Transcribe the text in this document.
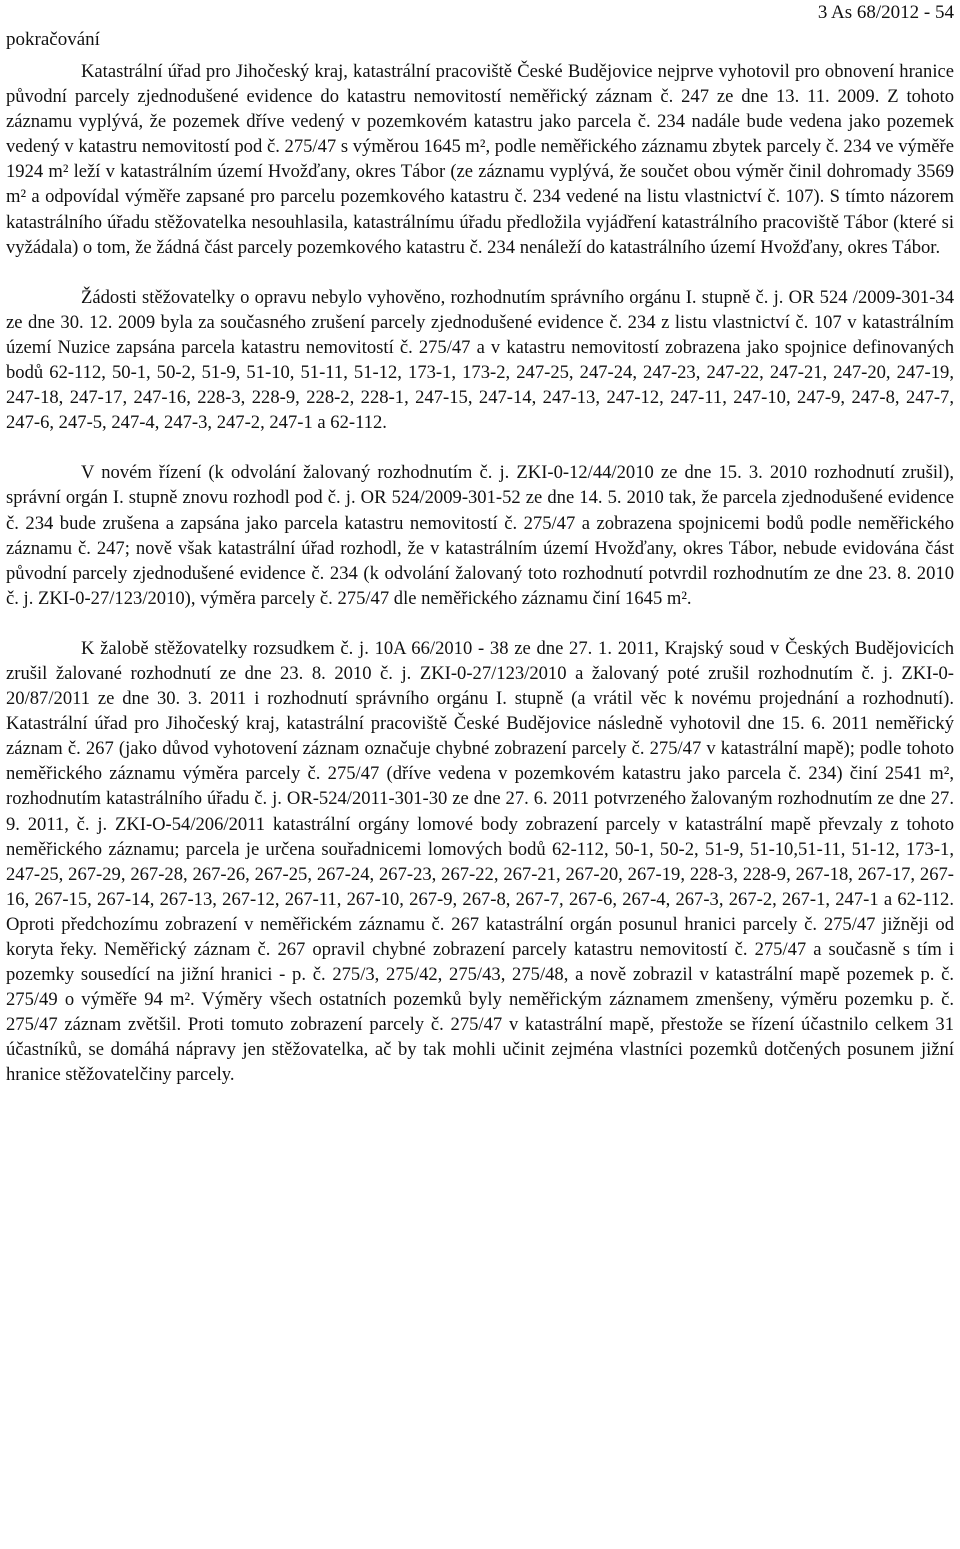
pokračování
3 As 68/2012 - 54

Katastrální úřad pro Jihočeský kraj, katastrální pracoviště České Budějovice nejprve vyhotovil pro obnovení hranice původní parcely zjednodušené evidence do katastru nemovitostí neměřický záznam č. 247 ze dne 13. 11. 2009. Z tohoto záznamu vyplývá, že pozemek dříve vedený v pozemkovém katastru jako parcela č. 234 nadále bude vedena jako pozemek vedený v katastru nemovitostí pod č. 275/47 s výměrou 1645 m², podle neměřického záznamu zbytek parcely č. 234 ve výměře 1924 m² leží v katastrálním území Hvožďany, okres Tábor (ze záznamu vyplývá, že součet obou výměr činil dohromady 3569 m² a odpovídal výměře zapsané pro parcelu pozemkového katastru č. 234 vedené na listu vlastnictví č. 107). S tímto názorem katastrálního úřadu stěžovatelka nesouhlasila, katastrálnímu úřadu předložila vyjádření katastrálního pracoviště Tábor (které si vyžádala) o tom, že žádná část parcely pozemkového katastru č. 234 nenáleží do katastrálního území Hvožďany, okres Tábor.

Žádosti stěžovatelky o opravu nebylo vyhověno, rozhodnutím správního orgánu I. stupně č. j. OR 524 /2009-301-34 ze dne 30. 12. 2009 byla za současného zrušení parcely zjednodušené evidence č. 234 z listu vlastnictví č. 107 v katastrálním území Nuzice zapsána parcela katastru nemovitostí č. 275/47 a v katastru nemovitostí zobrazena jako spojnice definovaných bodů 62-112, 50-1, 50-2, 51-9, 51-10, 51-11, 51-12, 173-1, 173-2, 247-25, 247-24, 247-23, 247-22, 247-21, 247-20, 247-19, 247-18, 247-17, 247-16, 228-3, 228-9, 228-2, 228-1, 247-15, 247-14, 247-13, 247-12, 247-11, 247-10, 247-9, 247-8, 247-7, 247-6, 247-5, 247-4, 247-3, 247-2, 247-1 a 62-112.

V novém řízení (k odvolání žalovaný rozhodnutím č. j. ZKI-0-12/44/2010 ze dne 15. 3. 2010 rozhodnutí zrušil), správní orgán I. stupně znovu rozhodl pod č. j. OR 524/2009-301-52 ze dne 14. 5. 2010 tak, že parcela zjednodušené evidence č. 234 bude zrušena a zapsána jako parcela katastru nemovitostí č. 275/47 a zobrazena spojnicemi bodů podle neměřického záznamu č. 247; nově však katastrální úřad rozhodl, že v katastrálním území Hvožďany, okres Tábor, nebude evidována část původní parcely zjednodušené evidence č. 234 (k odvolání žalovaný toto rozhodnutí potvrdil rozhodnutím ze dne 23. 8. 2010 č. j. ZKI-0-27/123/2010), výměra parcely č. 275/47 dle neměřického záznamu činí 1645 m².

K žalobě stěžovatelky rozsudkem č. j. 10A 66/2010 - 38 ze dne 27. 1. 2011, Krajský soud v Českých Budějovicích zrušil žalované rozhodnutí ze dne 23. 8. 2010 č. j. ZKI-0-27/123/2010 a žalovaný poté zrušil rozhodnutím č. j. ZKI-0-20/87/2011 ze dne 30. 3. 2011 i rozhodnutí správního orgánu I. stupně (a vrátil věc k novému projednání a rozhodnutí). Katastrální úřad pro Jihočeský kraj, katastrální pracoviště České Budějovice následně vyhotovil dne 15. 6. 2011 neměřický záznam č. 267 (jako důvod vyhotovení záznam označuje chybné zobrazení parcely č. 275/47 v katastrální mapě); podle tohoto neměřického záznamu výměra parcely č. 275/47 (dříve vedena v pozemkovém katastru jako parcela č. 234) činí 2541 m², rozhodnutím katastrálního úřadu č. j. OR-524/2011-301-30 ze dne 27. 6. 2011 potvrzeného žalovaným rozhodnutím ze dne 27. 9. 2011, č. j. ZKI-O-54/206/2011 katastrální orgány lomové body zobrazení parcely v katastrální mapě převzaly z tohoto neměřického záznamu; parcela je určena souřadnicemi lomových bodů 62-112, 50-1, 50-2, 51-9, 51-10,51-11, 51-12, 173-1, 247-25, 267-29, 267-28, 267-26, 267-25, 267-24, 267-23, 267-22, 267-21, 267-20, 267-19, 228-3, 228-9, 267-18, 267-17, 267-16, 267-15, 267-14, 267-13, 267-12, 267-11, 267-10, 267-9, 267-8, 267-7, 267-6, 267-4, 267-3, 267-2, 267-1, 247-1 a 62-112. Oproti předchozímu zobrazení v neměřickém záznamu č. 267 katastrální orgán posunul hranici parcely č. 275/47 jižněji od koryta řeky. Neměřický záznam č. 267 opravil chybné zobrazení parcely katastru nemovitostí č. 275/47 a současně s tím i pozemky sousedící na jižní hranici - p. č. 275/3, 275/42, 275/43, 275/48, a nově zobrazil v katastrální mapě pozemek p. č. 275/49 o výměře 94 m². Výměry všech ostatních pozemků byly neměřickým záznamem zmenšeny, výměru pozemku p. č. 275/47 záznam zvětšil. Proti tomuto zobrazení parcely č. 275/47 v katastrální mapě, přestože se řízení účastnilo celkem 31 účastníků, se domáhá nápravy jen stěžovatelka, ač by tak mohli učinit zejména vlastníci pozemků dotčených posunem jižní hranice stěžovatelčiny parcely.
